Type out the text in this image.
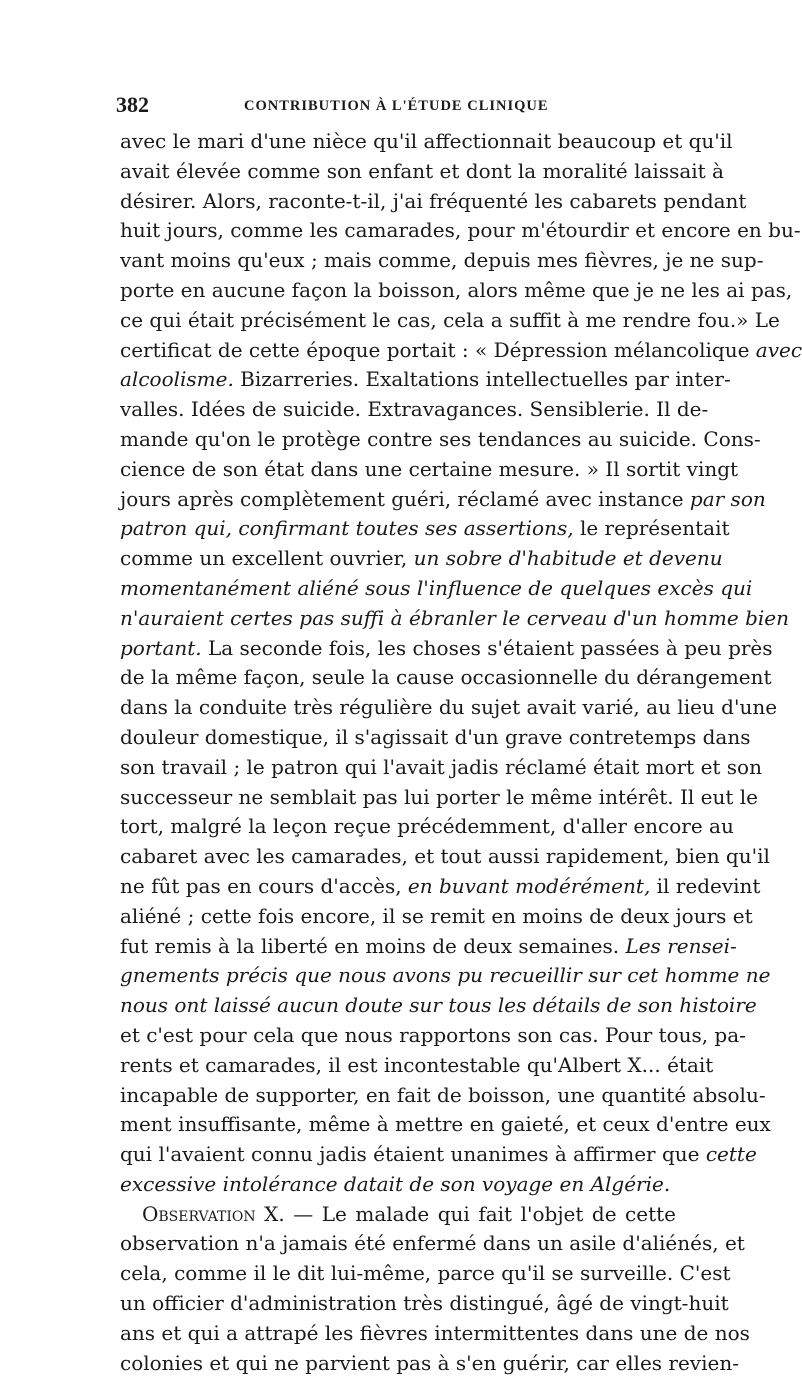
382	CONTRIBUTION À L'ÉTUDE CLINIQUE
avec le mari d'une nièce qu'il affectionnait beaucoup et qu'il
avait élevée comme son enfant et dont la moralité laissait à
désirer. Alors, raconte-t-il, j'ai fréquenté les cabarets pendant
huit jours, comme les camarades, pour m'étourdir et encore en bu-
vant moins qu'eux ; mais comme, depuis mes fièvres, je ne sup-
porte en aucune façon la boisson, alors même que je ne les ai pas,
ce qui était précisément le cas, cela a suffit à me rendre fou.» Le
certificat de cette époque portait : « Dépression mélancolique avec
alcoolisme. Bizarreries. Exaltations intellectuelles par inter-
valles. Idées de suicide. Extravagances. Sensiblerie. Il de-
mande qu'on le protège contre ses tendances au suicide. Cons-
cience de son état dans une certaine mesure. » Il sortit vingt
jours après complètement guéri, réclamé avec instance par son
patron qui, confirmant toutes ses assertions, le représentait
comme un excellent ouvrier, un sobre d'habitude et devenu
momentanément aliéné sous l'influence de quelques excès qui
n'auraient certes pas suffi à ébranler le cerveau d'un homme bien
portant. La seconde fois, les choses s'étaient passées à peu près
de la même façon, seule la cause occasionnelle du dérangement
dans la conduite très régulière du sujet avait varié, au lieu d'une
douleur domestique, il s'agissait d'un grave contretemps dans
son travail ; le patron qui l'avait jadis réclamé était mort et son
successeur ne semblait pas lui porter le même intérêt. Il eut le
tort, malgré la leçon reçue précédemment, d'aller encore au
cabaret avec les camarades, et tout aussi rapidement, bien qu'il
ne fût pas en cours d'accès, en buvant modérément, il redevint
aliéné ; cette fois encore, il se remit en moins de deux jours et
fut remis à la liberté en moins de deux semaines. Les rensei-
gnements précis que nous avons pu recueillir sur cet homme ne
nous ont laissé aucun doute sur tous les détails de son histoire
et c'est pour cela que nous rapportons son cas. Pour tous, pa-
rents et camarades, il est incontestable qu'Albert X... était
incapable de supporter, en fait de boisson, une quantité absolu-
ment insuffisante, même à mettre en gaieté, et ceux d'entre eux
qui l'avaient connu jadis étaient unanimes à affirmer que cette
excessive intolérance datait de son voyage en Algérie.
Observation X. — Le malade qui fait l'objet de cette
observation n'a jamais été enfermé dans un asile d'aliénés, et
cela, comme il le dit lui-même, parce qu'il se surveille. C'est
un officier d'administration très distingué, âgé de vingt-huit
ans et qui a attrapé les fièvres intermittentes dans une de nos
colonies et qui ne parvient pas à s'en guérir, car elles revien-
